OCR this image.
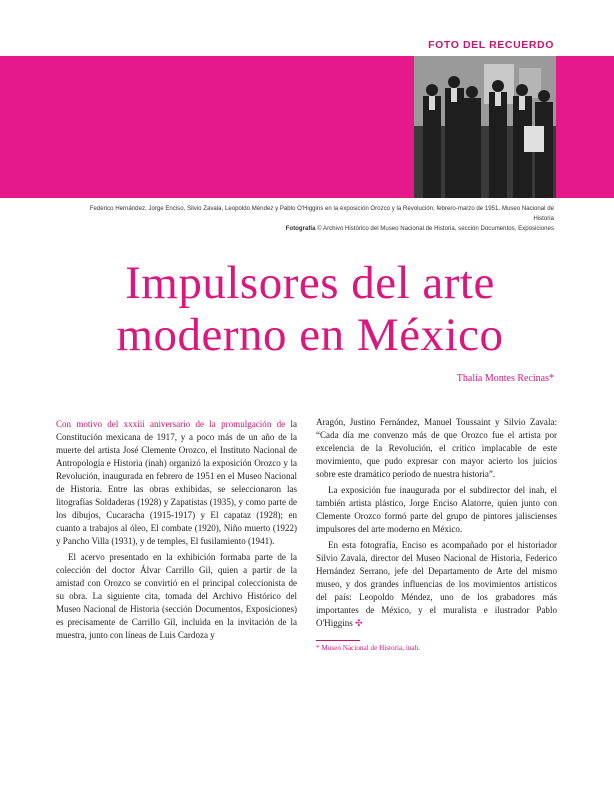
FOTO DEL RECUERDO
Federico Hernández, Jorge Enciso, Silvio Zavala, Leopoldo Méndez y Pablo O'Higgins en la exposición Orozco y la Revolución, febrero-marzo de 1951. Museo Nacional de Historia
Fotografía © Archivo Histórico del Museo Nacional de Historia, sección Documentos, Exposiciones
Impulsores del arte
moderno en México
Thalía Montes Recinas*

Con motivo del xxxiii aniversario de la promulgación de la Constitución mexicana de 1917, y a poco más de un año de la muerte del artista José Clemente Orozco, el Instituto Nacional de Antropología e Historia (inah) organizó la exposición Orozco y la Revolución, inaugurada en febrero de 1951 en el Museo Nacional de Historia. Entre las obras exhibidas, se seleccionaron las litografías Soldaderas (1928) y Zapatistas (1935), y como parte de los dibujos, Cucaracha (1915-1917) y El capataz (1928); en cuanto a trabajos al óleo, El combate (1920), Niño muerto (1922) y Pancho Villa (1931), y de temples, El fusilamiento (1941).

El acervo presentado en la exhibición formaba parte de la colección del doctor Álvar Carrillo Gil, quien a partir de la amistad con Orozco se convirtió en el principal coleccionista de su obra. La siguiente cita, tomada del Archivo Histórico del Museo Nacional de Historia (sección Documentos, Exposiciones) es precisamente de Carrillo Gil, incluida en la invitación de la muestra, junto con líneas de Luis Cardoza y

Aragón, Justino Fernández, Manuel Toussaint y Silvio Zavala: “Cada día me convenzo más de que Orozco fue el artista por excelencia de la Revolución, el crítico implacable de este movimiento, que pudo expresar con mayor acierto los juicios sobre este dramático período de nuestra historia”.

La exposición fue inaugurada por el subdirector del inah, el también artista plástico, Jorge Enciso Alatorre, quien junto con Clemente Orozco formó parte del grupo de pintores jaliscienses impulsores del arte moderno en México.

En esta fotografía, Enciso es acompañado por el historiador Silvio Zavala, director del Museo Nacional de Historia, Federico Hernández Serrano, jefe del Departamento de Arte del mismo museo, y dos grandes influencias de los movimientos artísticos del país: Leopoldo Méndez, uno de los grabadores más importantes de México, y el muralista e ilustrador Pablo O'Higgins ✣

* Museo Nacional de Historia, inah.
